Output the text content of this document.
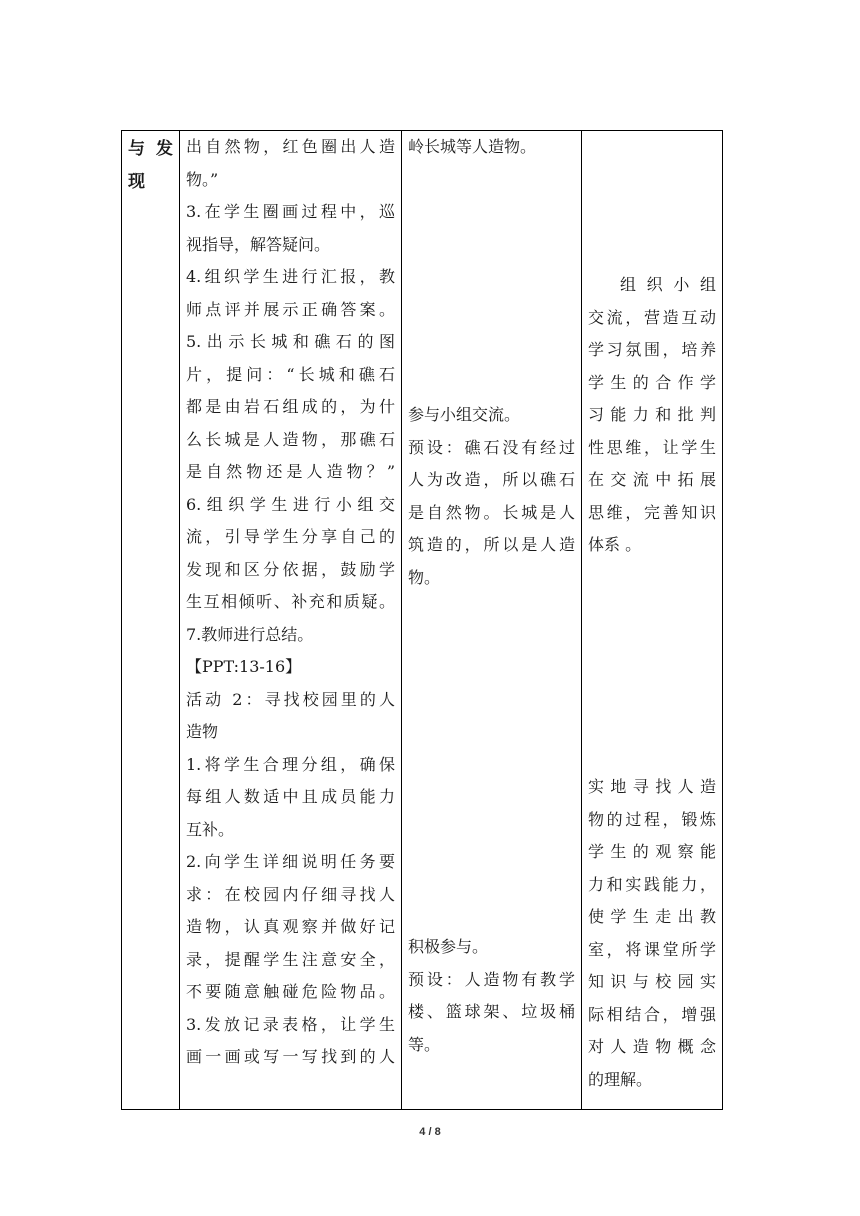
与 发
现

出自然物，红色圈出人造
物。”
3.在学生圈画过程中，巡
视指导，解答疑问。
4.组织学生进行汇报，教
师点评并展示正确答案。
5.出示长城和礁石的图
片，提问：“长城和礁石
都是由岩石组成的，为什
么长城是人造物，那礁石
是自然物还是人造物？”
6.组织学生进行小组交
流，引导学生分享自己的
发现和区分依据，鼓励学
生互相倾听、补充和质疑。
7.教师进行总结。
【PPT:13-16】
活动 2：寻找校园里的人
造物
1.将学生合理分组，确保
每组人数适中且成员能力
互补。
2.向学生详细说明任务要
求：在校园内仔细寻找人
造物，认真观察并做好记
录，提醒学生注意安全，
不要随意触碰危险物品。
3.发放记录表格，让学生
画一画或写一写找到的人

岭长城等人造物。
参与小组交流。
预设：礁石没有经过
人为改造，所以礁石
是自然物。长城是人
筑造的，所以是人造
物。
积极参与。
预设：人造物有教学
楼、篮球架、垃圾桶
等。

组 织 小 组
交流，营造互动
学习氛围，培养
学生的合作学
习能力和批判
性思维，让学生
在交流中拓展
思维，完善知识
体系 。
实地寻找人造
物的过程，锻炼
学生的观察能
力和实践能力，
使学生走出教
室，将课堂所学
知识与校园实
际相结合，增强
对人造物概念
的理解。
4 / 8
